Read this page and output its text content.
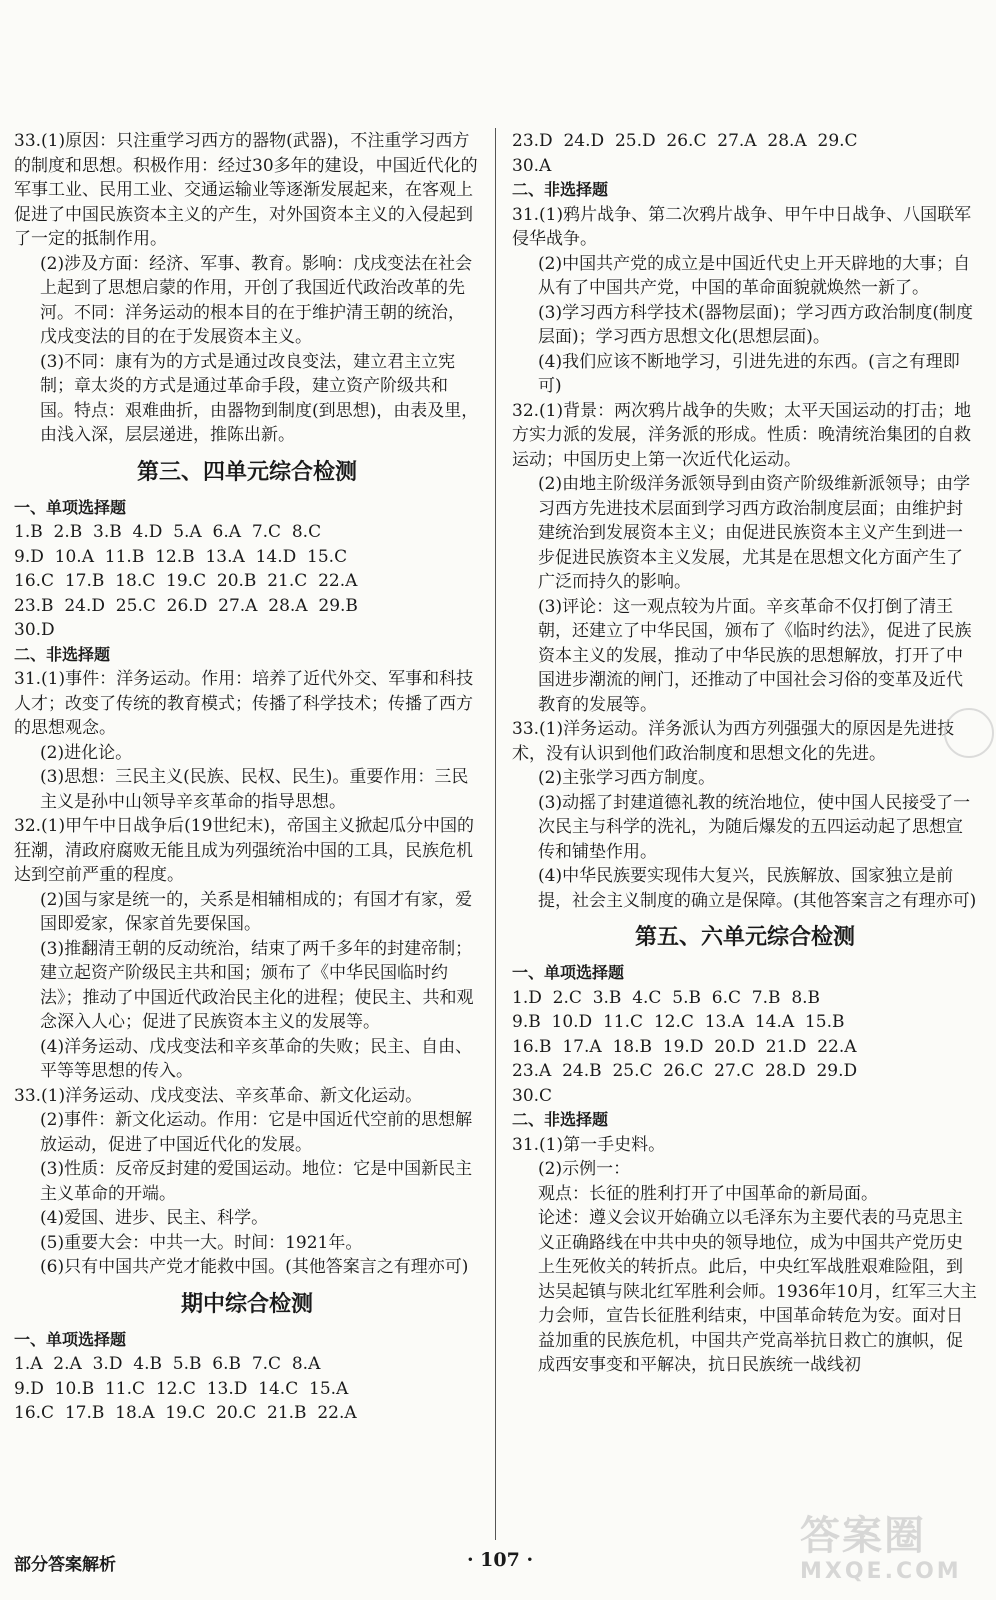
33.(1)原因：只注重学习西方的器物(武器)，不注重学习西方的制度和思想。积极作用：经过30多年的建设，中国近代化的军事工业、民用工业、交通运输业等逐渐发展起来，在客观上促进了中国民族资本主义的产生，对外国资本主义的入侵起到了一定的抵制作用。
(2)涉及方面：经济、军事、教育。影响：戊戌变法在社会上起到了思想启蒙的作用，开创了我国近代政治改革的先河。不同：洋务运动的根本目的在于维护清王朝的统治，戊戌变法的目的在于发展资本主义。
(3)不同：康有为的方式是通过改良变法，建立君主立宪制；章太炎的方式是通过革命手段，建立资产阶级共和国。特点：艰难曲折，由器物到制度(到思想)，由表及里，由浅入深，层层递进，推陈出新。
第三、四单元综合检测
一、单项选择题
1.B  2.B  3.B  4.D  5.A  6.A  7.C  8.C
9.D  10.A  11.B  12.B  13.A  14.D  15.C
16.C  17.B  18.C  19.C  20.B  21.C  22.A
23.B  24.D  25.C  26.D  27.A  28.A  29.B
30.D
二、非选择题
31.(1)事件：洋务运动。作用：培养了近代外交、军事和科技人才；改变了传统的教育模式；传播了科学技术；传播了西方的思想观念。
(2)进化论。
(3)思想：三民主义(民族、民权、民生)。重要作用：三民主义是孙中山领导辛亥革命的指导思想。
32.(1)甲午中日战争后(19世纪末)，帝国主义掀起瓜分中国的狂潮，清政府腐败无能且成为列强统治中国的工具，民族危机达到空前严重的程度。
(2)国与家是统一的，关系是相辅相成的；有国才有家，爱国即爱家，保家首先要保国。
(3)推翻清王朝的反动统治，结束了两千多年的封建帝制；建立起资产阶级民主共和国；颁布了《中华民国临时约法》；推动了中国近代政治民主化的进程；使民主、共和观念深入人心；促进了民族资本主义的发展等。
(4)洋务运动、戊戌变法和辛亥革命的失败；民主、自由、平等等思想的传入。
33.(1)洋务运动、戊戌变法、辛亥革命、新文化运动。
(2)事件：新文化运动。作用：它是中国近代空前的思想解放运动，促进了中国近代化的发展。
(3)性质：反帝反封建的爱国运动。地位：它是中国新民主主义革命的开端。
(4)爱国、进步、民主、科学。
(5)重要大会：中共一大。时间：1921年。
(6)只有中国共产党才能救中国。(其他答案言之有理亦可)
期中综合检测
一、单项选择题
1.A  2.A  3.D  4.B  5.B  6.B  7.C  8.A
9.D  10.B  11.C  12.C  13.D  14.C  15.A
16.C  17.B  18.A  19.C  20.C  21.B  22.A
23.D  24.D  25.D  26.C  27.A  28.A  29.C
30.A
二、非选择题
31.(1)鸦片战争、第二次鸦片战争、甲午中日战争、八国联军侵华战争。
(2)中国共产党的成立是中国近代史上开天辟地的大事；自从有了中国共产党，中国的革命面貌就焕然一新了。
(3)学习西方科学技术(器物层面)；学习西方政治制度(制度层面)；学习西方思想文化(思想层面)。
(4)我们应该不断地学习，引进先进的东西。(言之有理即可)
32.(1)背景：两次鸦片战争的失败；太平天国运动的打击；地方实力派的发展，洋务派的形成。性质：晚清统治集团的自救运动；中国历史上第一次近代化运动。
(2)由地主阶级洋务派领导到由资产阶级维新派领导；由学习西方先进技术层面到学习西方政治制度层面；由维护封建统治到发展资本主义；由促进民族资本主义产生到进一步促进民族资本主义发展，尤其是在思想文化方面产生了广泛而持久的影响。
(3)评论：这一观点较为片面。辛亥革命不仅打倒了清王朝，还建立了中华民国，颁布了《临时约法》，促进了民族资本主义的发展，推动了中华民族的思想解放，打开了中国进步潮流的闸门，还推动了中国社会习俗的变革及近代教育的发展等。
33.(1)洋务运动。洋务派认为西方列强强大的原因是先进技术，没有认识到他们政治制度和思想文化的先进。
(2)主张学习西方制度。
(3)动摇了封建道德礼教的统治地位，使中国人民接受了一次民主与科学的洗礼，为随后爆发的五四运动起了思想宣传和铺垫作用。
(4)中华民族要实现伟大复兴，民族解放、国家独立是前提，社会主义制度的确立是保障。(其他答案言之有理亦可)
第五、六单元综合检测
一、单项选择题
1.D  2.C  3.B  4.C  5.B  6.C  7.B  8.B
9.B  10.D  11.C  12.C  13.A  14.A  15.B
16.B  17.A  18.B  19.D  20.D  21.D  22.A
23.A  24.B  25.C  26.C  27.C  28.D  29.D
30.C
二、非选择题
31.(1)第一手史料。
(2)示例一：
观点：长征的胜利打开了中国革命的新局面。
论述：遵义会议开始确立以毛泽东为主要代表的马克思主义正确路线在中共中央的领导地位，成为中国共产党历史上生死攸关的转折点。此后，中央红军战胜艰难险阻，到达吴起镇与陕北红军胜利会师。1936年10月，红军三大主力会师，宣告长征胜利结束，中国革命转危为安。面对日益加重的民族危机，中国共产党高举抗日救亡的旗帜，促成西安事变和平解决，抗日民族统一战线初
部分答案解析	· 107 ·
答案圈
MXQE.COM
